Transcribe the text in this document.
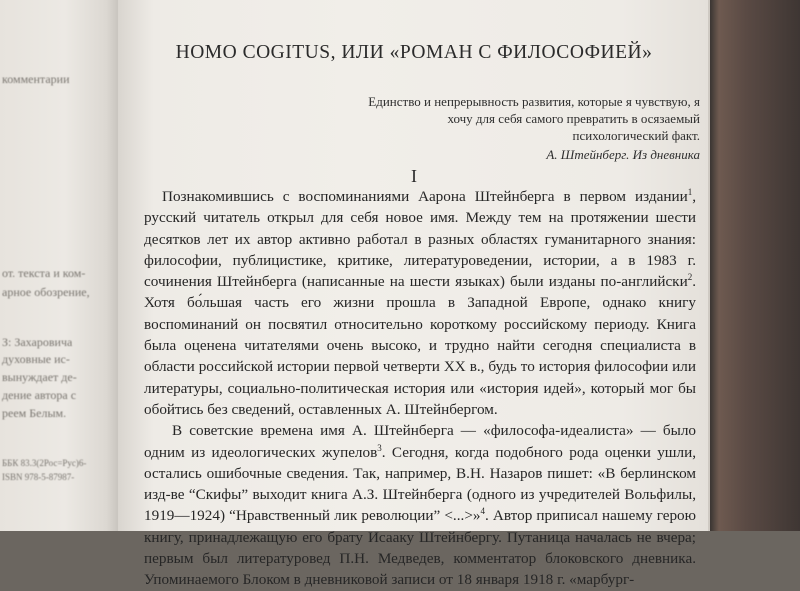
комментарии
от. текста и ком-
арное обозрение,
З: Захаровича
духовные ис-
вынуждает де-
дение автора с
реем Белым.
ББК 83.3(2Рос=Рус)6-
ISBN 978-5-87987-
HOMO COGITUS, ИЛИ «РОМАН С ФИЛОСОФИЕЙ»
Единство и непрерывность развития, которые я чувствую, я хочу для себя самого превратить в осязаемый психологический факт.
А. Штейнберг. Из дневника
I

Познакомившись с воспоминаниями Аарона Штейнберга в первом издании$^1$, русский читатель открыл для себя новое имя. Между тем на протяжении шести десятков лет их автор активно работал в разных областях гуманитарного знания: философии, публицистике, критике, литературоведении, истории, а в 1983 г. сочинения Штейнберга (написанные на шести языках) были изданы по-английски$^2$. Хотя бо́льшая часть его жизни прошла в Западной Европе, однако книгу воспоминаний он посвятил относительно короткому российскому периоду. Книга была оценена читателями очень высоко, и трудно найти сегодня специалиста в области российской истории первой четверти XX в., будь то история философии или литературы, социально-политическая история или «история идей», который мог бы обойтись без сведений, оставленных А. Штейнбергом.

В советские времена имя А. Штейнберга — «философа-идеалиста» — было одним из идеологических жупелов$^3$. Сегодня, когда подобного рода оценки ушли, остались ошибочные сведения. Так, например, В.Н. Назаров пишет: «В берлинском изд-ве “Скифы” выходит книга А.З. Штейнберга (одного из учредителей Вольфилы, 1919—1924) “Нравственный лик революции” <...>»$^4$. Автор приписал нашему герою книгу, принадлежащую его брату Исааку Штейнбергу. Путаница началась не вчера; первым был литературовед П.Н. Медведев, комментатор блоковского дневника. Упоминаемого Блоком в дневниковой записи от 18 января 1918 г. «марбург-
